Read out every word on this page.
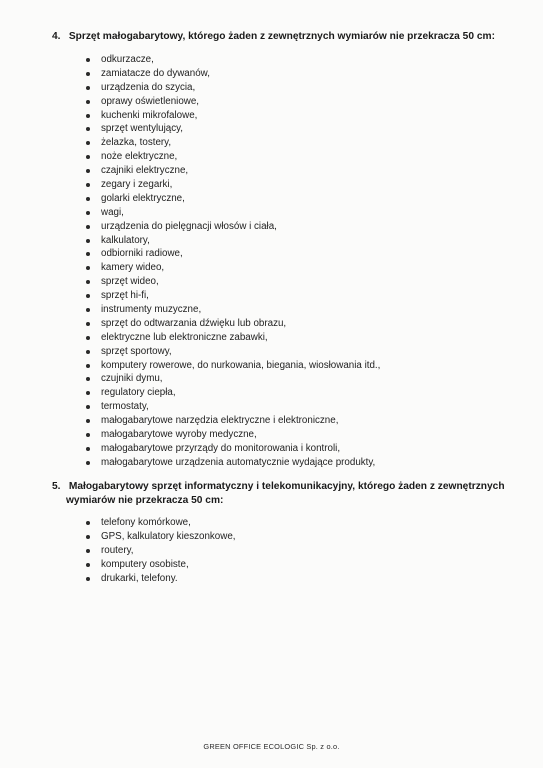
4. Sprzęt małogabarytowy, którego żaden z zewnętrznych wymiarów nie przekracza 50 cm:
odkurzacze,
zamiatacze do dywanów,
urządzenia do szycia,
oprawy oświetleniowe,
kuchenki mikrofalowe,
sprzęt wentylujący,
żelazka, tostery,
noże elektryczne,
czajniki elektryczne,
zegary i zegarki,
golarki elektryczne,
wagi,
urządzenia do pielęgnacji włosów i ciała,
kalkulatory,
odbiorniki radiowe,
kamery wideo,
sprzęt wideo,
sprzęt hi-fi,
instrumenty muzyczne,
sprzęt do odtwarzania dźwięku lub obrazu,
elektryczne lub elektroniczne zabawki,
sprzęt sportowy,
komputery rowerowe, do nurkowania, biegania, wiosłowania itd.,
czujniki dymu,
regulatory ciepła,
termostaty,
małogabarytowe narzędzia elektryczne i elektroniczne,
małogabarytowe wyroby medyczne,
małogabarytowe przyrządy do monitorowania i kontroli,
małogabarytowe urządzenia automatycznie wydające produkty,
5. Małogabarytowy sprzęt informatyczny i telekomunikacyjny, którego żaden z zewnętrznych
wymiarów nie przekracza 50 cm:
telefony komórkowe,
GPS, kalkulatory kieszonkowe,
routery,
komputery osobiste,
drukarki, telefony.
GREEN OFFICE ECOLOGIC Sp. z o.o.
